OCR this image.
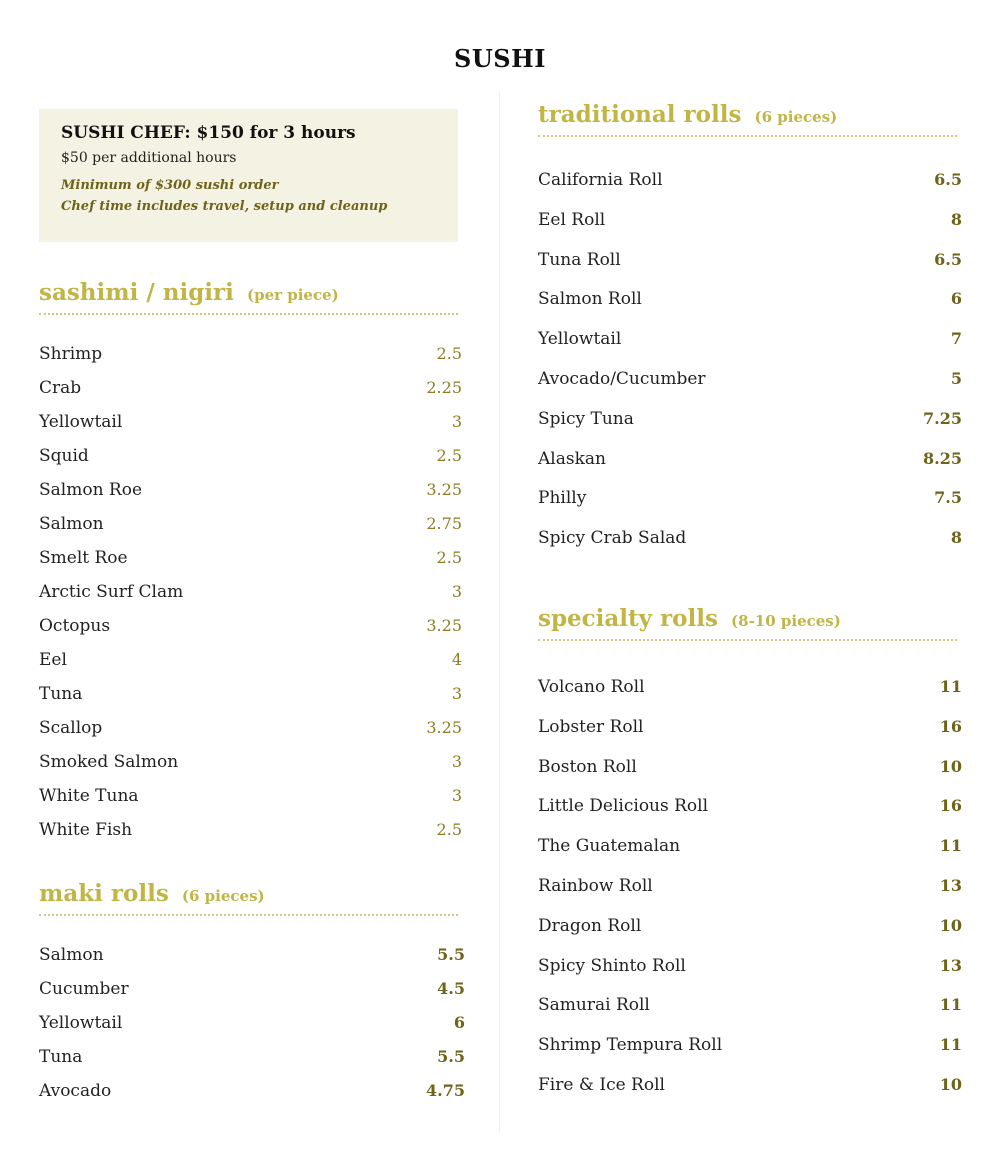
SUSHI
SUSHI CHEF: $150 for 3 hours
$50 per additional hours
Minimum of $300 sushi order
Chef time includes travel, setup and cleanup
sashimi / nigiri (per piece)
Shrimp	2.5
Crab	2.25
Yellowtail	3
Squid	2.5
Salmon Roe	3.25
Salmon	2.75
Smelt Roe	2.5
Arctic Surf Clam	3
Octopus	3.25
Eel	4
Tuna	3
Scallop	3.25
Smoked Salmon	3
White Tuna	3
White Fish	2.5
maki rolls (6 pieces)
Salmon	5.5
Cucumber	4.5
Yellowtail	6
Tuna	5.5
Avocado	4.75
traditional rolls (6 pieces)
California Roll	6.5
Eel Roll	8
Tuna Roll	6.5
Salmon Roll	6
Yellowtail	7
Avocado/Cucumber	5
Spicy Tuna	7.25
Alaskan	8.25
Philly	7.5
Spicy Crab Salad	8
specialty rolls (8-10 pieces)
Volcano Roll	11
Lobster Roll	16
Boston Roll	10
Little Delicious Roll	16
The Guatemalan	11
Rainbow Roll	13
Dragon Roll	10
Spicy Shinto Roll	13
Samurai Roll	11
Shrimp Tempura Roll	11
Fire & Ice Roll	10
